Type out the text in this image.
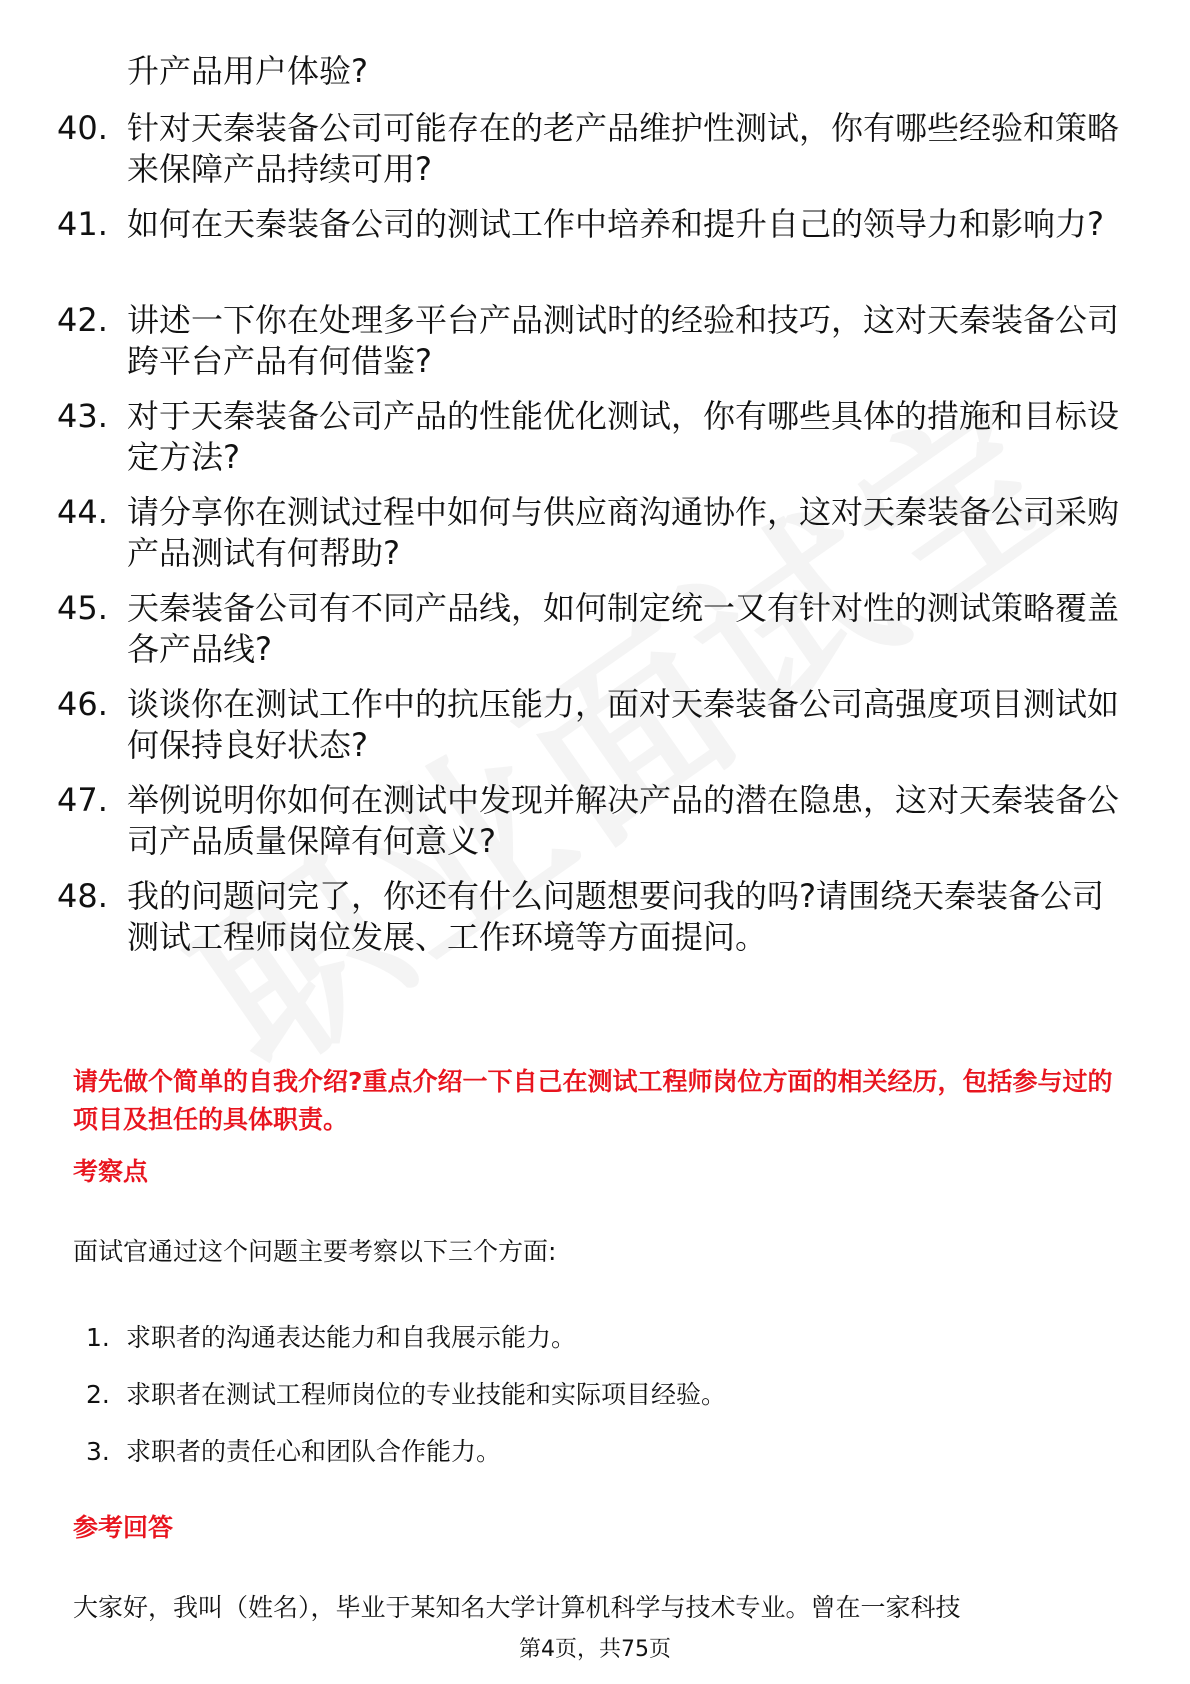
升产品用户体验?
40. 针对天秦装备公司可能存在的老产品维护性测试，你有哪些经验和策略来保障产品持续可用?
41. 如何在天秦装备公司的测试工作中培养和提升自己的领导力和影响力?
42. 讲述一下你在处理多平台产品测试时的经验和技巧，这对天秦装备公司跨平台产品有何借鉴?
43. 对于天秦装备公司产品的性能优化测试，你有哪些具体的措施和目标设定方法?
44. 请分享你在测试过程中如何与供应商沟通协作，这对天秦装备公司采购产品测试有何帮助?
45. 天秦装备公司有不同产品线，如何制定统一又有针对性的测试策略覆盖各产品线?
46. 谈谈你在测试工作中的抗压能力，面对天秦装备公司高强度项目测试如何保持良好状态?
47. 举例说明你如何在测试中发现并解决产品的潜在隐患，这对天秦装备公司产品质量保障有何意义?
48. 我的问题问完了，你还有什么问题想要问我的吗?请围绕天秦装备公司测试工程师岗位发展、工作环境等方面提问。
请先做个简单的自我介绍?重点介绍一下自己在测试工程师岗位方面的相关经历，包括参与过的项目及担任的具体职责。
考察点
面试官通过这个问题主要考察以下三个方面:
1. 求职者的沟通表达能力和自我展示能力。
2. 求职者在测试工程师岗位的专业技能和实际项目经验。
3. 求职者的责任心和团队合作能力。
参考回答
大家好，我叫（姓名），毕业于某知名大学计算机科学与技术专业。曾在一家科技
第4页，共75页
